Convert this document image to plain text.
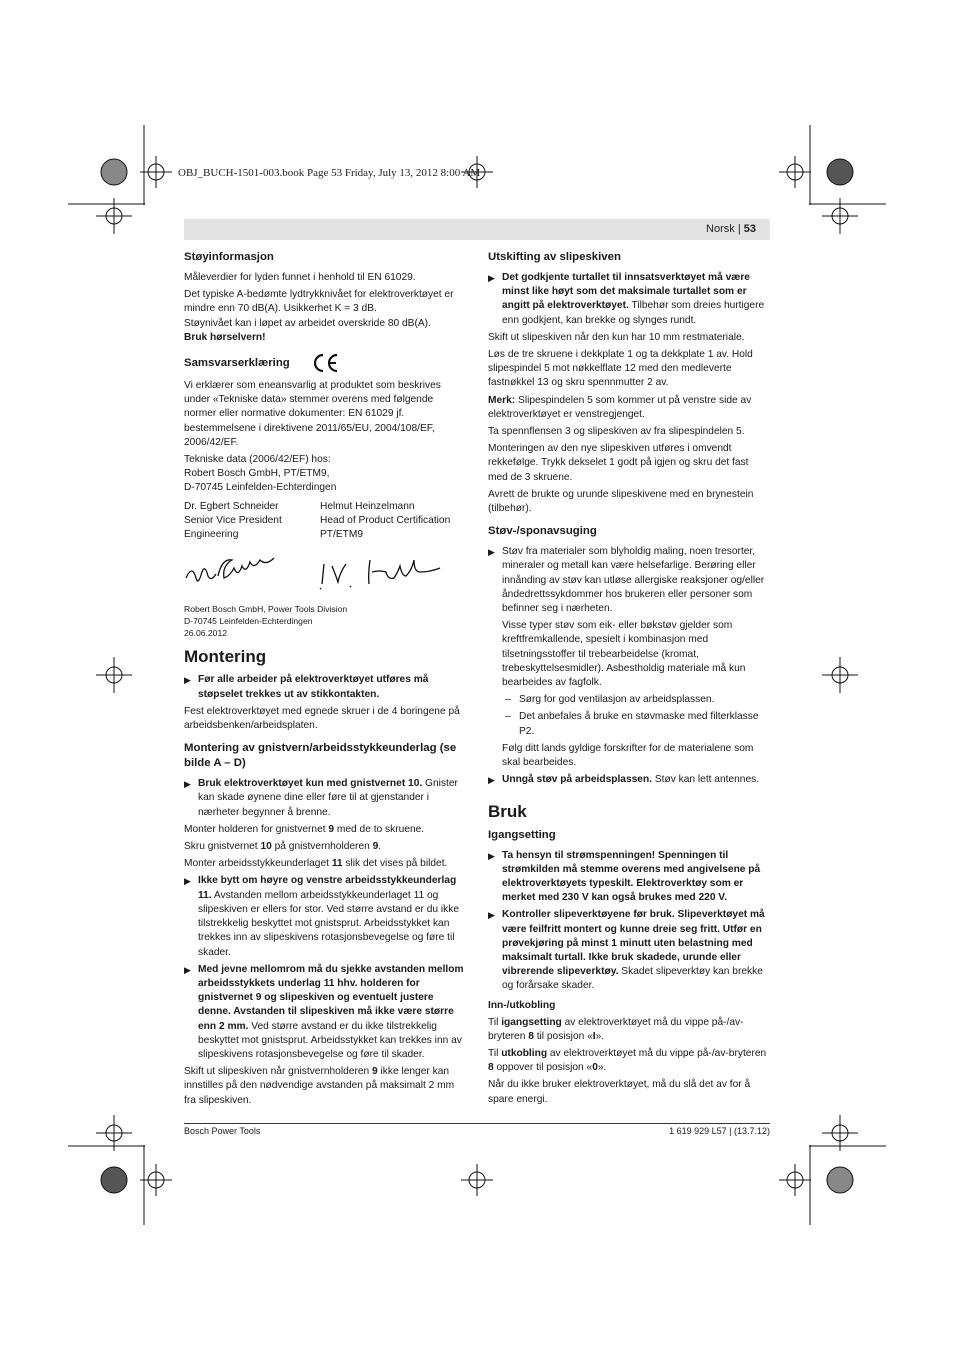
OBJ_BUCH-1501-003.book Page 53 Friday, July 13, 2012 8:00 AM
Norsk | 53
Støyinformasjon

Måleverdier for lyden funnet i henhold til EN 61029.

Det typiske A-bedømte lydtrykknivået for elektroverktøyet er mindre enn 70 dB(A). Usikkerhet K = 3 dB.

Støynivået kan i løpet av arbeidet overskride 80 dB(A).

Bruk hørselvern!

Samsvarserklæring

Vi erklærer som eneansvarlig at produktet som beskrives under «Tekniske data» stemmer overens med følgende normer eller normative dokumenter: EN 61029 jf. bestemmelsene i direktivene 2011/65/EU, 2004/108/EF, 2006/42/EF.

Tekniske data (2006/42/EF) hos:

Robert Bosch GmbH, PT/ETM9,

D-70745 Leinfelden-Echterdingen

Dr. Egbert Schneider	Helmut Heinzelmann
Senior Vice President	Head of Product Certification
Engineering	PT/ETM9

Robert Bosch GmbH, Power Tools Division

D-70745 Leinfelden-Echterdingen

26.06.2012

Montering
▶ Før alle arbeider på elektroverktøyet utføres må støpselet trekkes ut av stikkontakten.

Fest elektroverktøyet med egnede skruer i de 4 boringene på arbeidsbenken/arbeidsplaten.

Montering av gnistvern/arbeidsstykkeunderlag (se bilde A – D)
▶ Bruk elektroverktøyet kun med gnistvernet 10. Gnister kan skade øynene dine eller føre til at gjenstander i nærheter begynner å brenne.

Monter holderen for gnistvernet 9 med de to skruene.

Skru gnistvernet 10 på gnistvernholderen 9.

Monter arbeidsstykkeunderlaget 11 slik det vises på bildet.

▶ Ikke bytt om høyre og venstre arbeidsstykkeunderlag 11. Avstanden mellom arbeidsstykkeunderlaget 11 og slipeskiven er ellers for stor. Ved større avstand er du ikke tilstrekkelig beskyttet mot gnistsprut. Arbeidsstykket kan trekkes inn av slipeskivens rotasjonsbevegelse og føre til skader.
▶ Med jevne mellomrom må du sjekke avstanden mellom arbeidsstykkets underlag 11 hhv. holderen for gnistvernet 9 og slipeskiven og eventuelt justere denne. Avstanden til slipeskiven må ikke være større enn 2 mm. Ved større avstand er du ikke tilstrekkelig beskyttet mot gnistsprut. Arbeidsstykket kan trekkes inn av slipeskivens rotasjonsbevegelse og føre til skader.

Skift ut slipeskiven når gnistvernholderen 9 ikke lenger kan innstilles på den nødvendige avstanden på maksimalt 2 mm fra slipeskiven.

Utskifting av slipeskiven
▶ Det godkjente turtallet til innsatsverktøyet må være minst like høyt som det maksimale turtallet som er angitt på elektroverktøyet. Tilbehør som dreies hurtigere enn godkjent, kan brekke og slynges rundt.

Skift ut slipeskiven når den kun har 10 mm restmateriale.

Løs de tre skruene i dekkplate 1 og ta dekkplate 1 av. Hold slipespindel 5 mot nøkkelflate 12 med den medleverte fastnøkkel 13 og skru spennmutter 2 av.

Merk: Slipespindelen 5 som kommer ut på venstre side av elektroverktøyet er venstregjenget.

Ta spennflensen 3 og slipeskiven av fra slipespindelen 5.

Monteringen av den nye slipeskiven utføres i omvendt rekkefølge. Trykk dekselet 1 godt på igjen og skru det fast med de 3 skruene.

Avrett de brukte og urunde slipeskivene med en brynestein (tilbehør).

Støv-/sponavsuging
▶ Støv fra materialer som blyholdig maling, noen tresorter, mineraler og metall kan være helsefarlige. Berøring eller innånding av støv kan utløse allergiske reaksjoner og/eller åndedrettssykdommer hos brukeren eller personer som befinner seg i nærheten.

Visse typer støv som eik- eller bøkstøv gjelder som kreftfremkallende, spesielt i kombinasjon med tilsetningsstoffer til trebearbeidelse (kromat, trebeskyttelsesmidler). Asbestholdig materiale må kun bearbeides av fagfolk.

– Sørg for god ventilasjon av arbeidsplassen.

– Det anbefales å bruke en støvmaske med filterklasse P2.

Følg ditt lands gyldige forskrifter for de materialene som skal bearbeides.

▶ Unngå støv på arbeidsplassen. Støv kan lett antennes.
Bruk
Igangsetting
▶ Ta hensyn til strømspenningen! Spenningen til strømkilden må stemme overens med angivelsene på elektroverktøyets typeskilt. Elektroverktøy som er merket med 230 V kan også brukes med 220 V.
▶ Kontroller slipeverktøyene før bruk. Slipeverktøyet må være feilfritt montert og kunne dreie seg fritt. Utfør en prøvekjøring på minst 1 minutt uten belastning med maksimalt turtall. Ikke bruk skadede, urunde eller vibrerende slipeverktøy. Skadet slipeverktøy kan brekke og forårsake skader.
Inn-/utkobling

Til igangsetting av elektroverktøyet må du vippe på-/av-bryteren 8 til posisjon «I».

Til utkobling av elektroverktøyet må du vippe på-/av-bryteren 8 oppover til posisjon «0».

Når du ikke bruker elektroverktøyet, må du slå det av for å spare energi.

Bosch Power Tools	1 619 929 L57 | (13.7.12)
